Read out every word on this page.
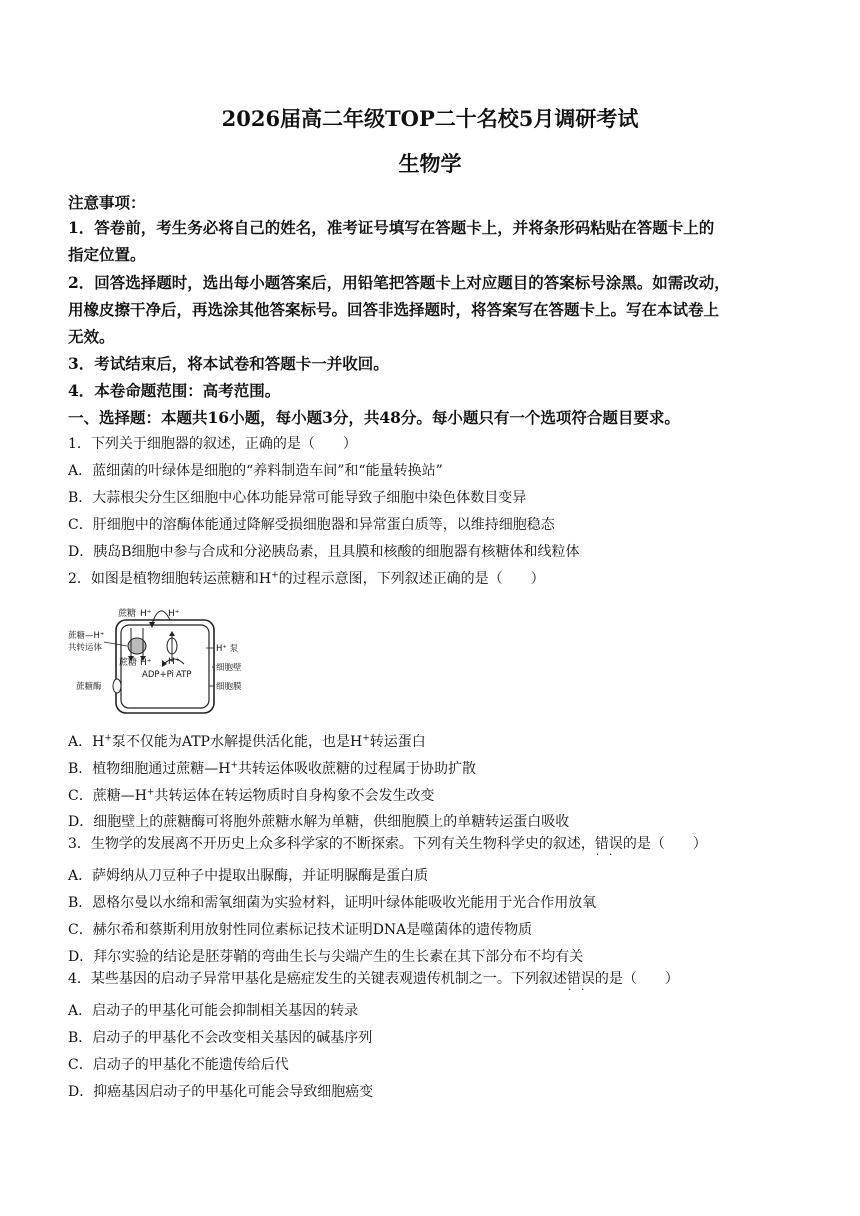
2026届高二年级TOP二十名校5月调研考试
生物学
注意事项：
1．答卷前，考生务必将自己的姓名，准考证号填写在答题卡上，并将条形码粘贴在答题卡上的
指定位置。
2．回答选择题时，选出每小题答案后，用铅笔把答题卡上对应题目的答案标号涂黑。如需改动，
用橡皮擦干净后，再选涂其他答案标号。回答非选择题时，将答案写在答题卡上。写在本试卷上
无效。
3．考试结束后，将本试卷和答题卡一并收回。
4．本卷命题范围：高考范围。
一、选择题：本题共16小题，每小题3分，共48分。每小题只有一个选项符合题目要求。
1．下列关于细胞器的叙述，正确的是（　　）
A．蓝细菌的叶绿体是细胞的“养料制造车间”和“能量转换站”
B．大蒜根尖分生区细胞中心体功能异常可能导致子细胞中染色体数目变异
C．肝细胞中的溶酶体能通过降解受损细胞器和异常蛋白质等，以维持细胞稳态
D．胰岛B细胞中参与合成和分泌胰岛素，且具膜和核酸的细胞器有核糖体和线粒体
2．如图是植物细胞转运蔗糖和H+的过程示意图，下列叙述正确的是（　　）
蔗糖 H⁺ H⁺
蔗糖—H⁺
共转运体
蔗糖 H⁺ H⁺
ADP+Pi ATP
H⁺ 泵
细胞壁
细胞膜
蔗糖酶
A．H+泵不仅能为ATP水解提供活化能，也是H+转运蛋白
B．植物细胞通过蔗糖—H+共转运体吸收蔗糖的过程属于协助扩散
C．蔗糖—H+共转运体在转运物质时自身构象不会发生改变
D．细胞壁上的蔗糖酶可将胞外蔗糖水解为单糖，供细胞膜上的单糖转运蛋白吸收
3．生物学的发展离不开历史上众多科学家的不断探索。下列有关生物科学史的叙述，错误 · ·的是（　　）
A．萨姆纳从刀豆种子中提取出脲酶，并证明脲酶是蛋白质
B．恩格尔曼以水绵和需氧细菌为实验材料，证明叶绿体能吸收光能用于光合作用放氧
C．赫尔希和蔡斯利用放射性同位素标记技术证明DNA是噬菌体的遗传物质
D．拜尔实验的结论是胚芽鞘的弯曲生长与尖端产生的生长素在其下部分布不均有关
4．某些基因的启动子异常甲基化是癌症发生的关键表观遗传机制之一。下列叙述错误 · ·的是（　　）
A．启动子的甲基化可能会抑制相关基因的转录
B．启动子的甲基化不会改变相关基因的碱基序列
C．启动子的甲基化不能遗传给后代
D．抑癌基因启动子的甲基化可能会导致细胞癌变
